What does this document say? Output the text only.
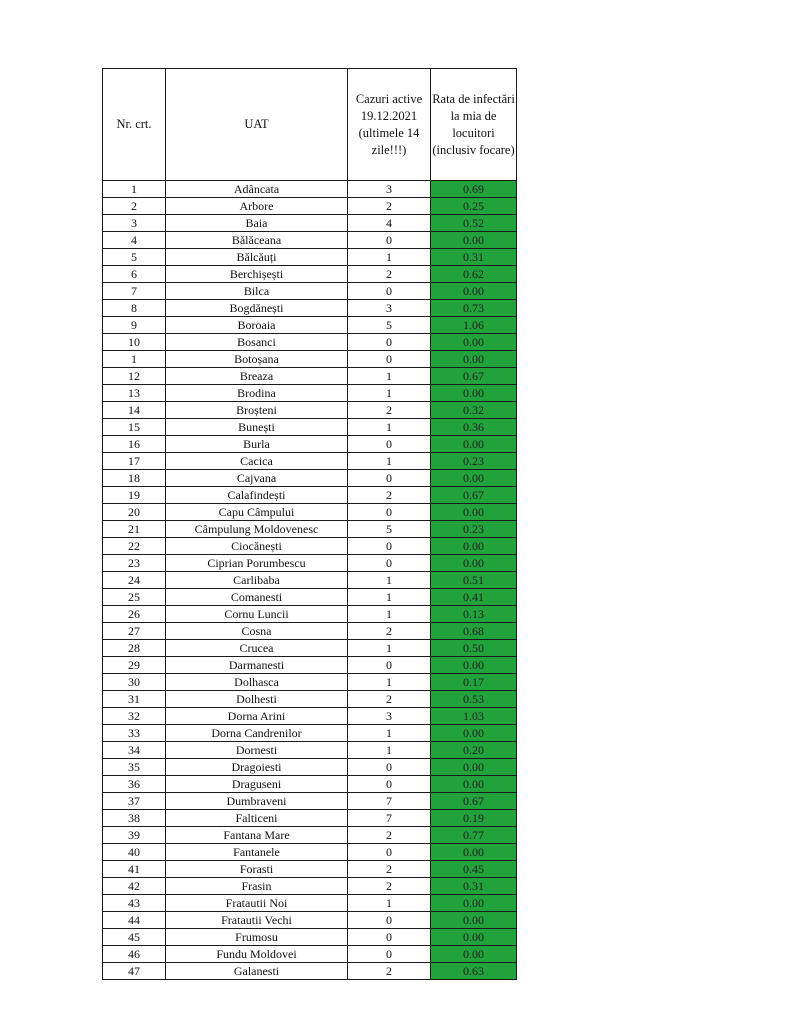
Nr. crt.	UAT	Cazuri active 19.12.2021 (ultimele 14 zile!!!)	Rata de infectări la mia de locuitori (inclusiv focare)
1	Adâncata	3	0.69
2	Arbore	2	0.25
3	Baia	4	0.52
4	Bălăceana	0	0.00
5	Bălcăuți	1	0.31
6	Berchișești	2	0.62
7	Bilca	0	0.00
8	Bogdănești	3	0.73
9	Boroaia	5	1.06
10	Bosanci	0	0.00
1	Botoșana	0	0.00
12	Breaza	1	0.67
13	Brodina	1	0.00
14	Broșteni	2	0.32
15	Bunești	1	0.36
16	Burla	0	0.00
17	Cacica	1	0.23
18	Cajvana	0	0.00
19	Calafindești	2	0.67
20	Capu Câmpului	0	0.00
21	Câmpulung Moldovenesc	5	0.23
22	Ciocănești	0	0.00
23	Ciprian Porumbescu	0	0.00
24	Carlibaba	1	0.51
25	Comanesti	1	0.41
26	Cornu Luncii	1	0.13
27	Cosna	2	0.68
28	Crucea	1	0.50
29	Darmanesti	0	0.00
30	Dolhasca	1	0.17
31	Dolhesti	2	0.53
32	Dorna Arini	3	1.03
33	Dorna Candrenilor	1	0.00
34	Dornesti	1	0.20
35	Dragoiesti	0	0.00
36	Draguseni	0	0.00
37	Dumbraveni	7	0.67
38	Falticeni	7	0.19
39	Fantana Mare	2	0.77
40	Fantanele	0	0.00
41	Forasti	2	0.45
42	Frasin	2	0.31
43	Fratautii Noi	1	0.00
44	Fratautii Vechi	0	0.00
45	Frumosu	0	0.00
46	Fundu Moldovei	0	0.00
47	Galanesti	2	0.63
